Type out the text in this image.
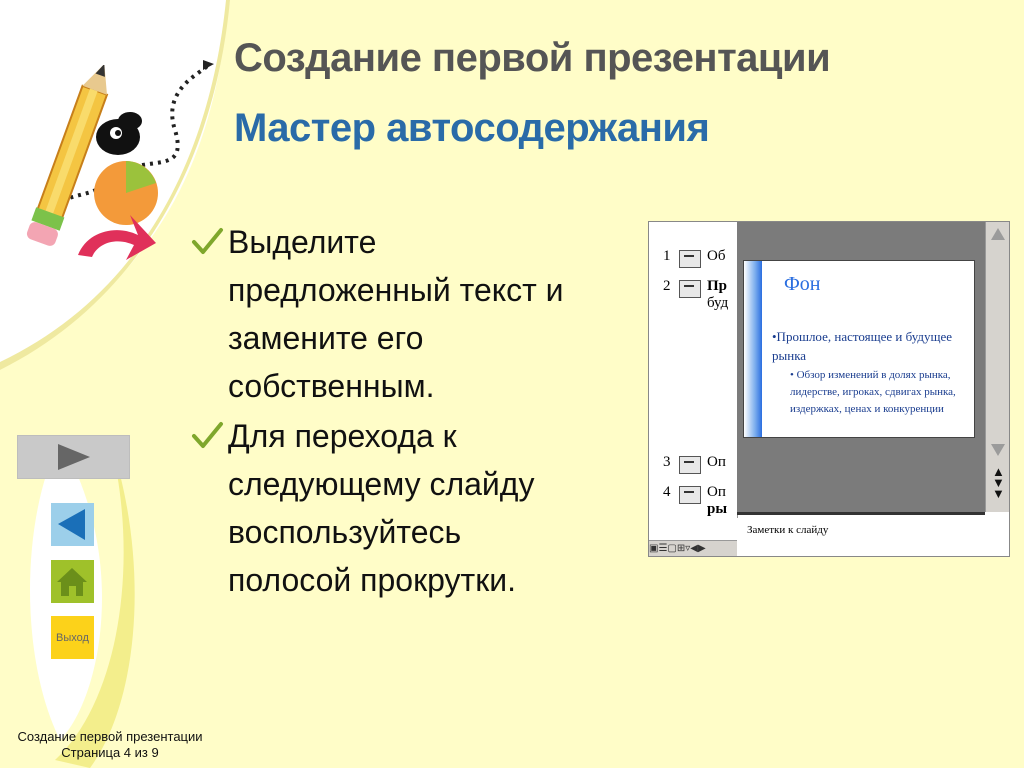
Создание первой презентации
Мастер автосодержания
Выделите предложенный текст и замените его собственным.
Для перехода к следующему слайду воспользуйтесь полосой прокрутки.
Выход
Создание первой презентации
Страница 4 из 9
1	Об
2	Пр
буд
3	Оп
4	Оп
ры
▣☰▢⊞▿◀▶
Фон
•Прошлое, настоящее и будущее рынка
• Обзор изменений в долях рынка, лидерстве, игроках, сдвигах рынка, издержках, ценах и конкуренции
▲
▼
▼
Заметки к слайду
